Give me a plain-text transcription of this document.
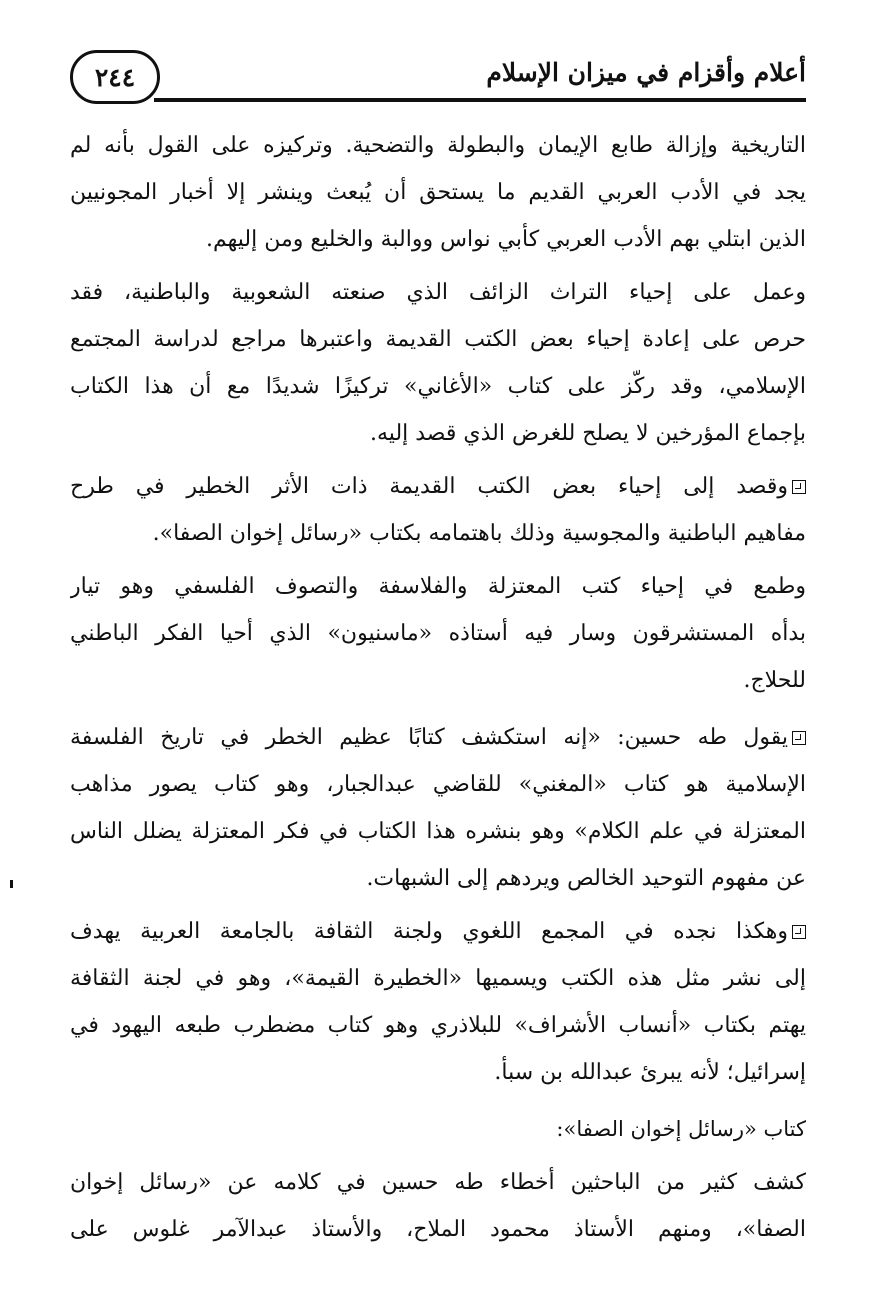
أعلام وأقزام في ميزان الإسلام
٢٤٤
التاريخية وإزالة طابع الإيمان والبطولة والتضحية. وتركيزه على القول بأنه لم
يجد في الأدب العربي القديم ما يستحق أن يُبعث وينشر إلا أخبار المجونيين
الذين ابتلي بهم الأدب العربي كأبي نواس ووالبة والخليع ومن إليهم.
وعمل على إحياء التراث الزائف الذي صنعته الشعوبية والباطنية، فقد
حرص على إعادة إحياء بعض الكتب القديمة واعتبرها مراجع لدراسة المجتمع
الإسلامي، وقد ركّز على كتاب «الأغاني» تركيزًا شديدًا مع أن هذا الكتاب
بإجماع المؤرخين لا يصلح للغرض الذي قصد إليه.
وقصد إلى إحياء بعض الكتب القديمة ذات الأثر الخطير في طرح
مفاهيم الباطنية والمجوسية وذلك باهتمامه بكتاب «رسائل إخوان الصفا».
وطمع في إحياء كتب المعتزلة والفلاسفة والتصوف الفلسفي وهو تيار
بدأه المستشرقون وسار فيه أستاذه «ماسنيون» الذي أحيا الفكر الباطني
للحلاج.
يقول طه حسين: «إنه استكشف كتابًا عظيم الخطر في تاريخ الفلسفة
الإسلامية هو كتاب «المغني» للقاضي عبدالجبار، وهو كتاب يصور مذاهب
المعتزلة في علم الكلام» وهو بنشره هذا الكتاب في فكر المعتزلة يضلل الناس
عن مفهوم التوحيد الخالص ويردهم إلى الشبهات.
وهكذا نجده في المجمع اللغوي ولجنة الثقافة بالجامعة العربية يهدف
إلى نشر مثل هذه الكتب ويسميها «الخطيرة القيمة»، وهو في لجنة الثقافة
يهتم بكتاب «أنساب الأشراف» للبلاذري وهو كتاب مضطرب طبعه اليهود في
إسرائيل؛ لأنه يبرئ عبدالله بن سبأ.
كتاب «رسائل إخوان الصفا»:
كشف كثير من الباحثين أخطاء طه حسين في كلامه عن «رسائل إخوان
الصفا»، ومنهم الأستاذ محمود الملاح، والأستاذ عبدالآمر غلوس على
